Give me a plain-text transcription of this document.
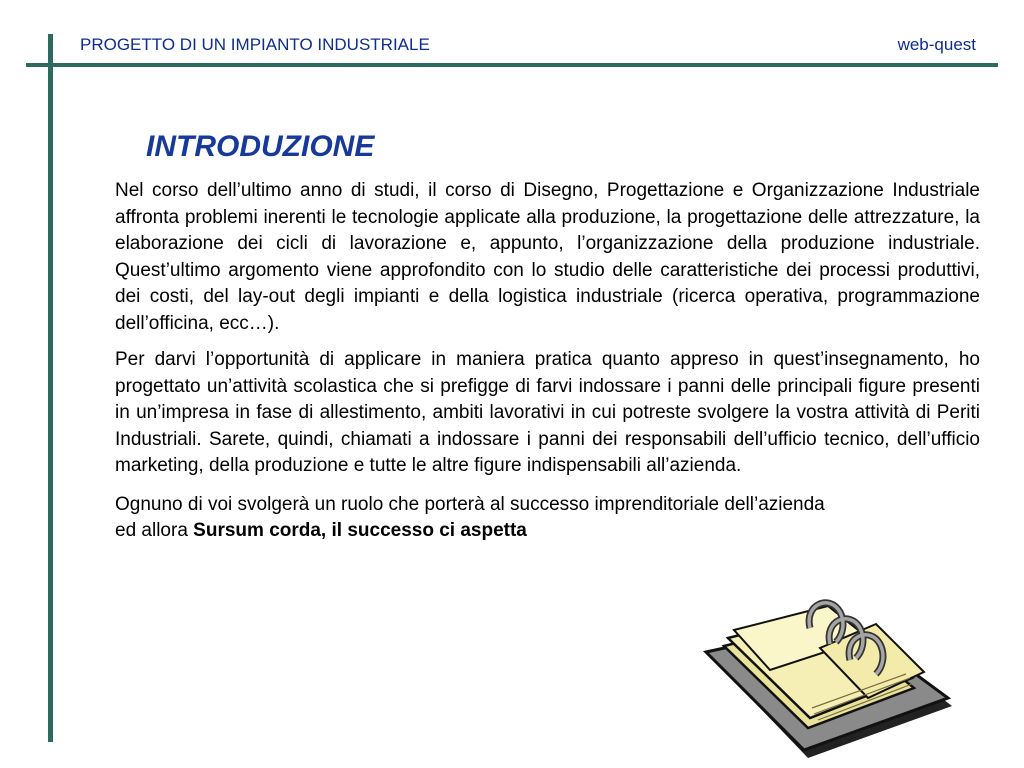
PROGETTO DI UN IMPIANTO INDUSTRIALE	web-quest
INTRODUZIONE

Nel corso dell’ultimo anno di studi, il corso di Disegno, Progettazione e Organizzazione Industriale affronta problemi inerenti le tecnologie applicate alla produzione, la progettazione delle attrezzature, la elaborazione dei cicli di lavorazione e, appunto, l’organizzazione della produzione industriale. Quest’ultimo argomento viene approfondito con lo studio delle caratteristiche dei processi produttivi, dei costi, del lay-out degli impianti e della logistica industriale (ricerca operativa, programmazione dell’officina, ecc…).

Per darvi l’opportunità di applicare in maniera pratica quanto appreso in quest’insegnamento, ho progettato un’attività scolastica che si prefigge di farvi indossare i panni delle principali figure presenti in un’impresa in fase di allestimento, ambiti lavorativi in cui potreste svolgere la vostra attività di Periti Industriali. Sarete, quindi, chiamati a indossare i panni dei responsabili dell’ufficio tecnico, dell’ufficio marketing, della produzione e tutte le altre figure indispensabili all’azienda.

Ognuno di voi svolgerà un ruolo che porterà al successo imprenditoriale dell’azienda
ed allora Sursum corda, il successo ci aspetta
